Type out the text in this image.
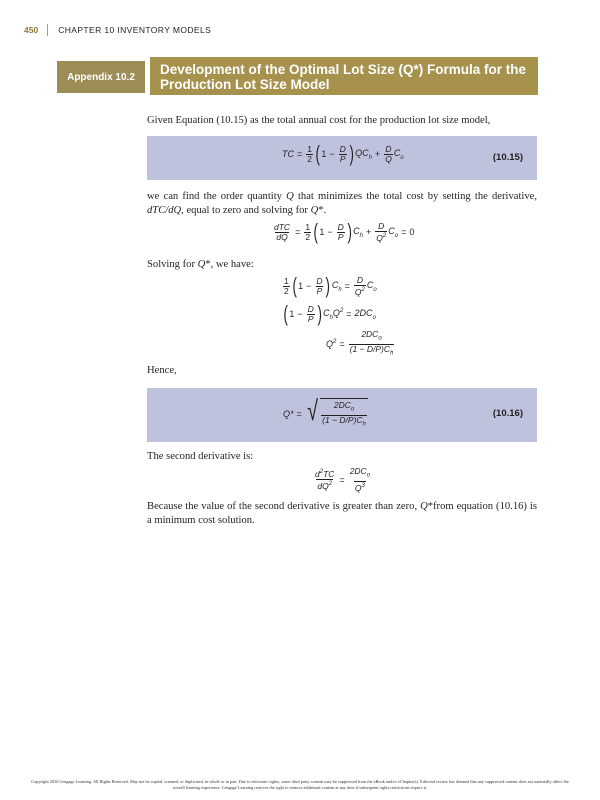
450 CHAPTER 10 INVENTORY MODELS
Appendix 10.2	Development of the Optimal Lot Size (Q*) Formula for the
Production Lot Size Model
Given Equation (10.15) as the total annual cost for the production lot size model,
TC = $\frac{1}{2}$ ( $1 - \frac{D}{P}$ ) $QC_h + \frac{D}{Q} C_o$	(10.15)
we can find the order quantity Q that minimizes the total cost by setting the derivative, dTC/dQ, equal to zero and solving for Q*.
$\frac{\text{dTC}}{dQ} = \frac{1}{2}$ ( $1 - \frac{D}{P}$ ) $C_h + \frac{D}{Q^2} C_o = 0$
Solving for Q*, we have:
$\frac{1}{2}$ ( $1 - \frac{D}{P}$ ) $C_h = \frac{D}{Q^2} C_o$
( $1 - \frac{D}{P}$ ) $C_hQ^2 = 2DC_o$
$Q^2 = \frac{2DC_o}{(1 - D/P)C_h}$
Hence,
Q* = √ $\frac{2DC_o}{(1 - D/P)C_h}$	(10.16)
The second derivative is:
$\frac{d^2TC}{dQ^2} = \frac{2DC_o}{Q^3}$
Because the value of the second derivative is greater than zero, Q*from equation (10.16) is a minimum cost solution.
Copyright 2016 Cengage Learning. All Rights Reserved. May not be copied, scanned, or duplicated, in whole or in part. Due to electronic rights, some third party content may be suppressed from the eBook and/or eChapter(s). Editorial review has deemed that any suppressed content does not materially affect the overall learning experience. Cengage Learning reserves the right to remove additional content at any time if subsequent rights restrictions require it.
